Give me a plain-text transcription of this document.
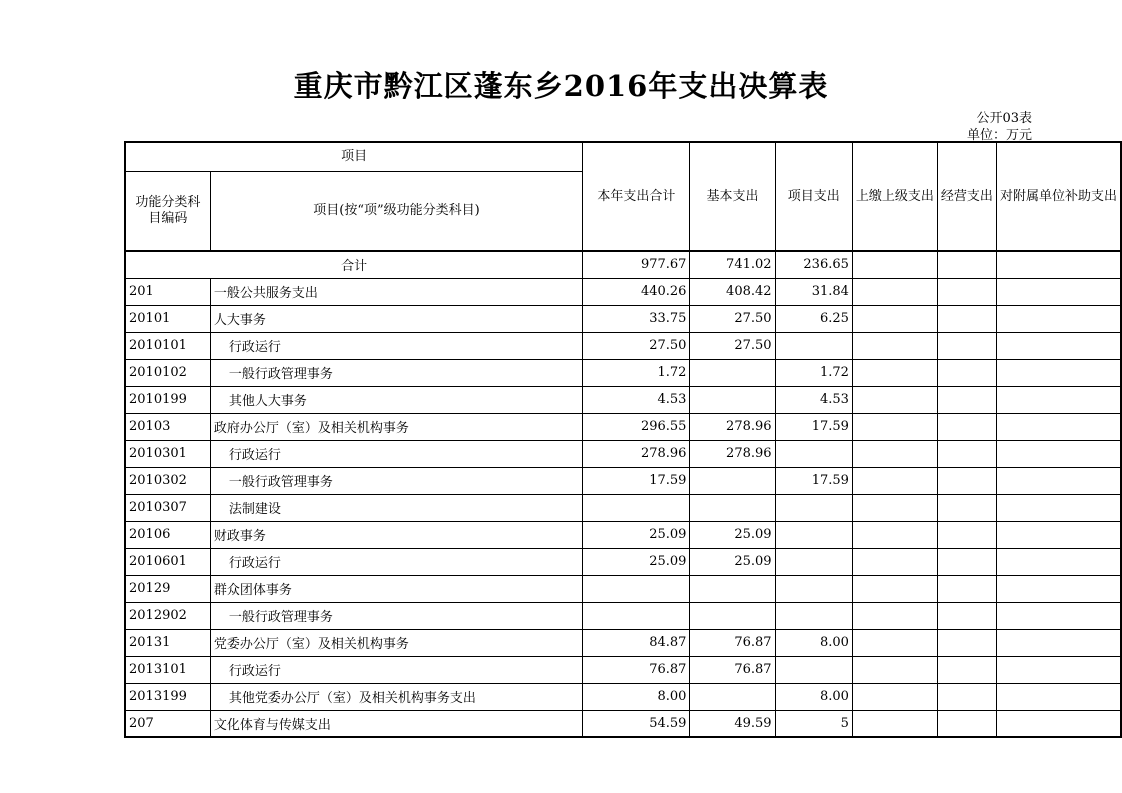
重庆市黔江区蓬东乡2016年支出决算表
公开03表
单位：万元
项目		本年支出合计	基本支出	项目支出	上缴上级支出	经营支出	对附属单位补助支出
功能分类科目编码	项目(按“项”级功能分类科目)						
合计		977.67	741.02	236.65			
201	一般公共服务支出	440.26	408.42	31.84			
20101	人大事务	33.75	27.50	6.25			
2010101	行政运行	27.50	27.50				
2010102	一般行政管理事务	1.72		1.72			
2010199	其他人大事务	4.53		4.53			
20103	政府办公厅（室）及相关机构事务	296.55	278.96	17.59			
2010301	行政运行	278.96	278.96				
2010302	一般行政管理事务	17.59		17.59			
2010307	法制建设						
20106	财政事务	25.09	25.09				
2010601	行政运行	25.09	25.09				
20129	群众团体事务						
2012902	一般行政管理事务						
20131	党委办公厅（室）及相关机构事务	84.87	76.87	8.00			
2013101	行政运行	76.87	76.87				
2013199	其他党委办公厅（室）及相关机构事务支出	8.00		8.00			
207	文化体育与传媒支出	54.59	49.59	5			
